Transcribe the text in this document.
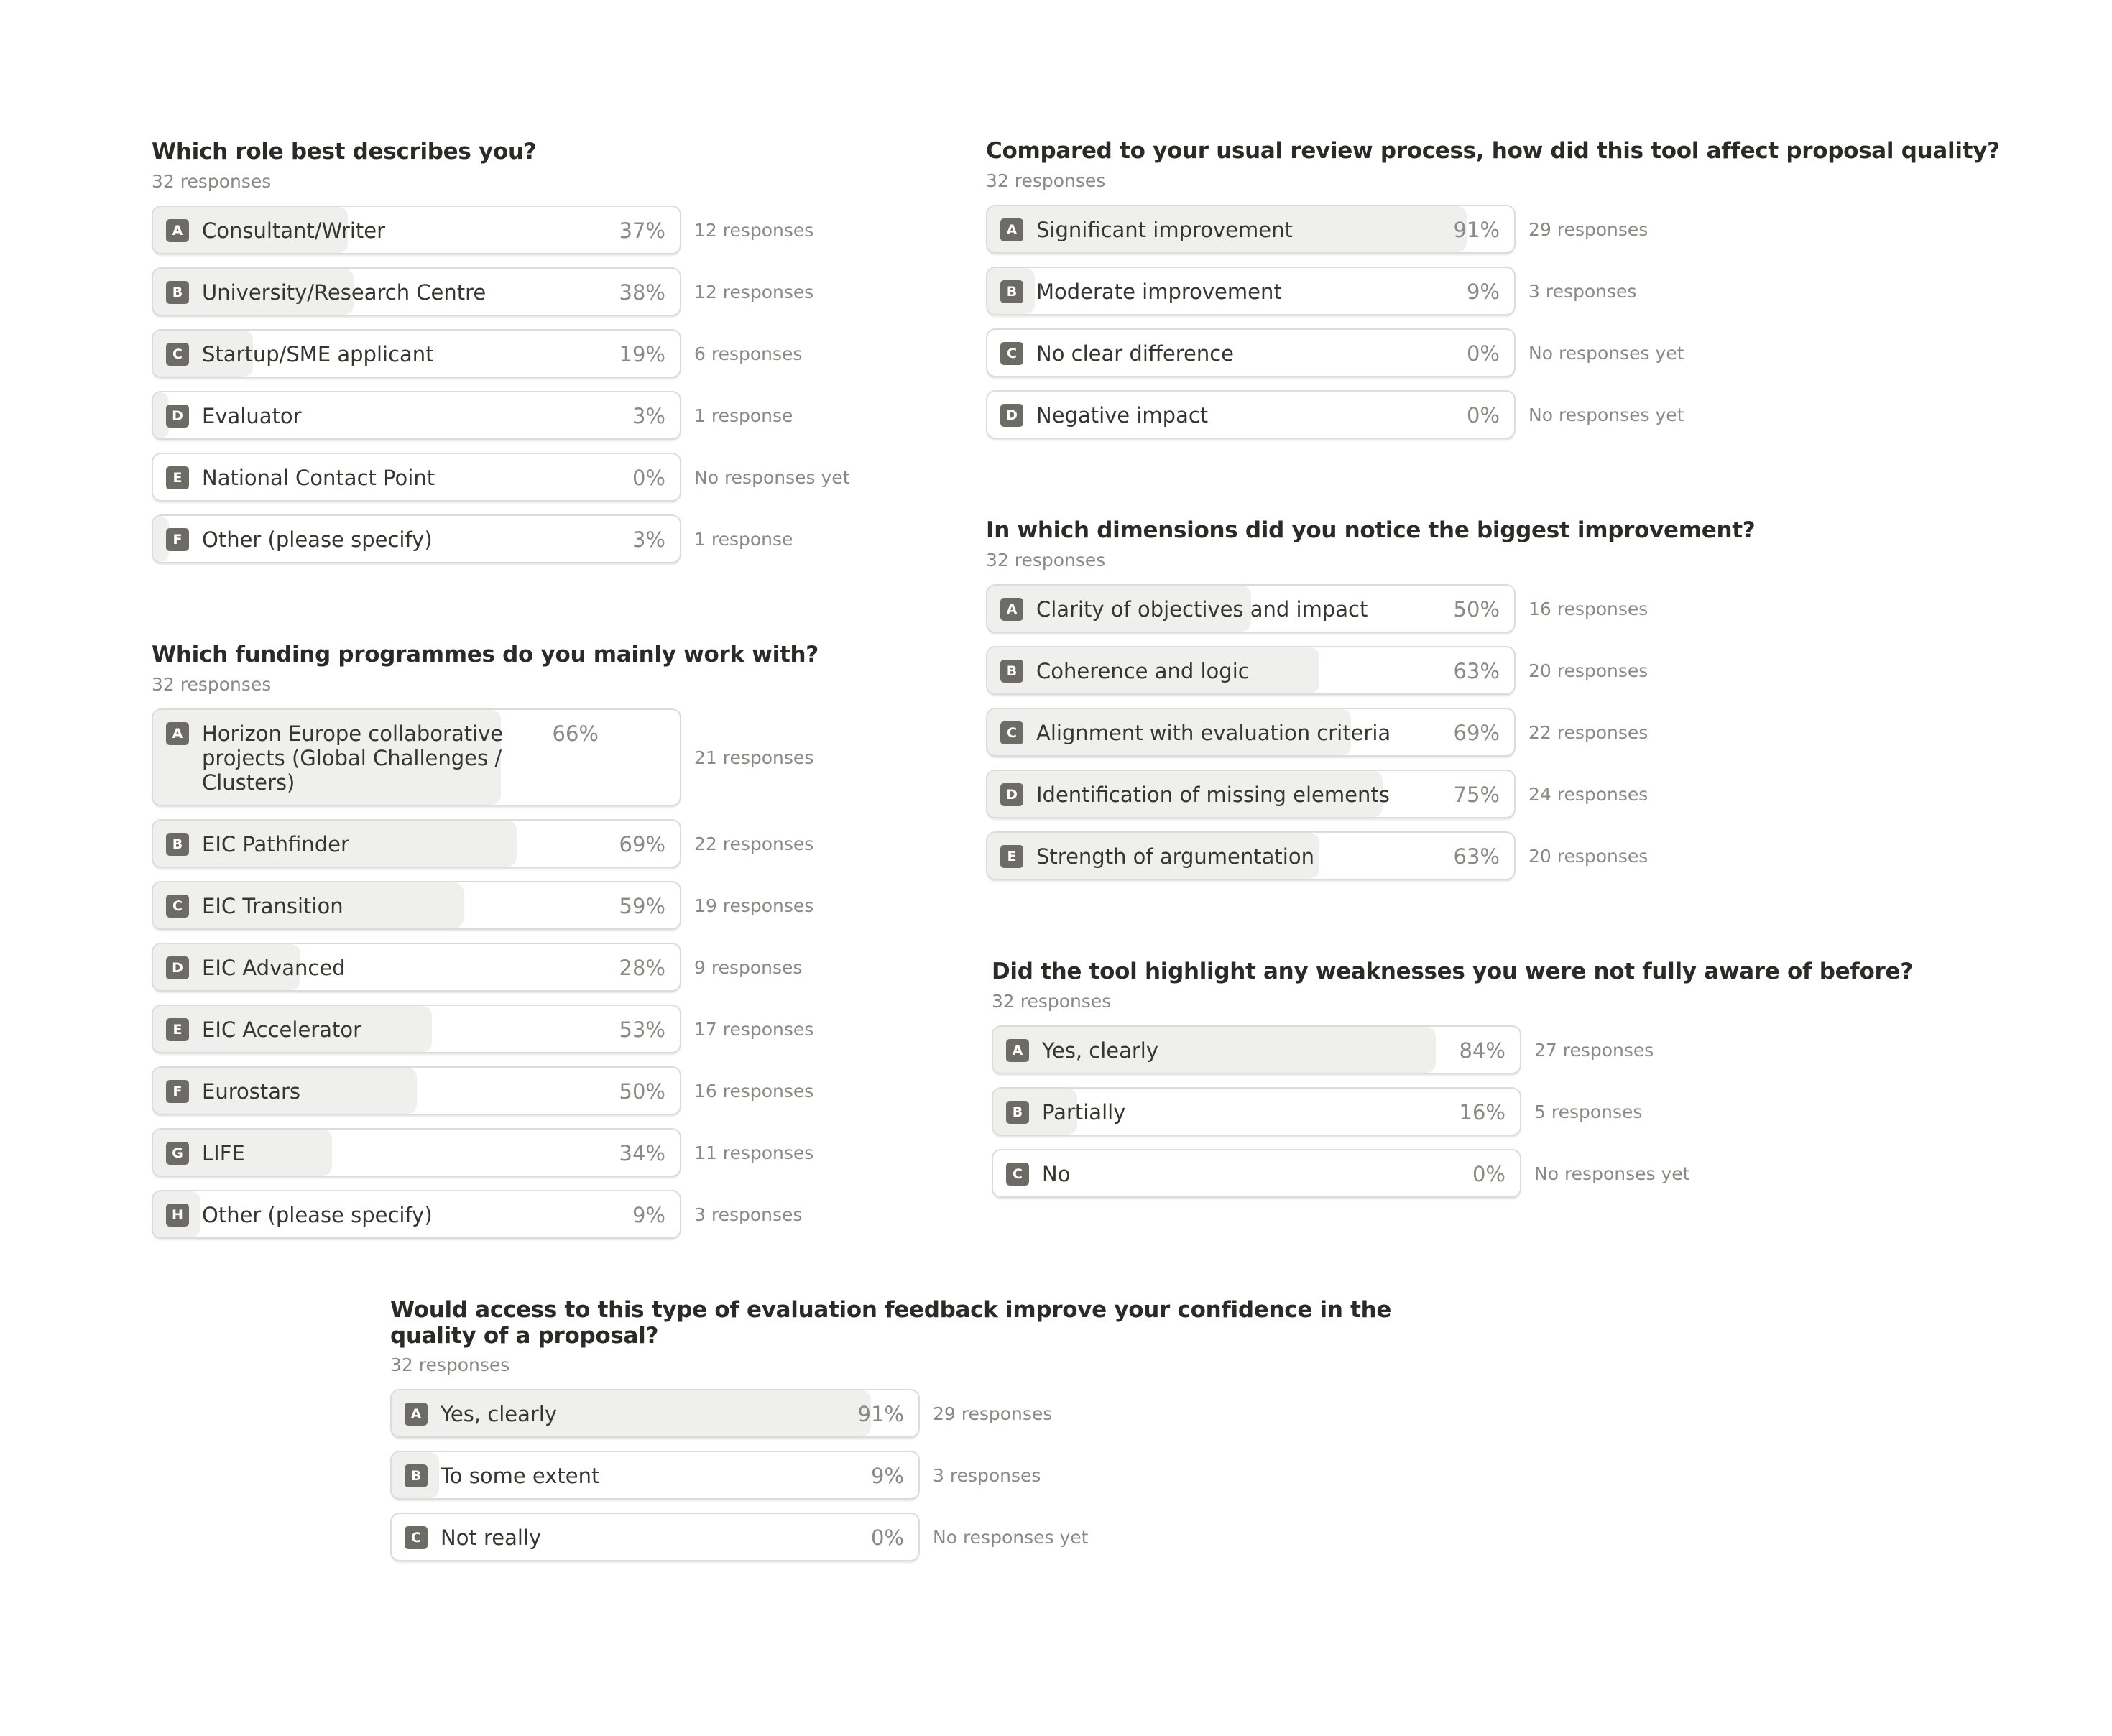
Which role best describes you?
32 responses
A Consultant/Writer	37% 12 responses
B University/Research Centre	38% 12 responses
C Startup/SME applicant	19% 6 responses
D Evaluator	3% 1 response
E National Contact Point	0% No responses yet
F Other (please specify)	3% 1 response
Which funding programmes do you mainly work with?
32 responses
A Horizon Europe collaborative projects (Global Challenges / Clusters)
66%
21 responses
B EIC Pathfinder	69% 22 responses
C EIC Transition	59% 19 responses
D EIC Advanced	28% 9 responses
E EIC Accelerator	53% 17 responses
F Eurostars	50% 16 responses
G LIFE	34% 11 responses
H Other (please specify)	9% 3 responses
Compared to your usual review process, how did this tool affect proposal quality?
32 responses
A Significant improvement	91% 29 responses
B Moderate improvement	9% 3 responses
C No clear difference	0% No responses yet
D Negative impact	0% No responses yet
In which dimensions did you notice the biggest improvement?
32 responses
A Clarity of objectives and impact	50% 16 responses
B Coherence and logic	63% 20 responses
C Alignment with evaluation criteria	69% 22 responses
D Identification of missing elements	75% 24 responses
E Strength of argumentation	63% 20 responses
Did the tool highlight any weaknesses you were not fully aware of before?
32 responses
A Yes, clearly	84% 27 responses
B Partially	16% 5 responses
C No	0% No responses yet
Would access to this type of evaluation feedback improve your confidence in the quality of a proposal?
32 responses
A Yes, clearly	91% 29 responses
B To some extent	9% 3 responses
C Not really	0% No responses yet
